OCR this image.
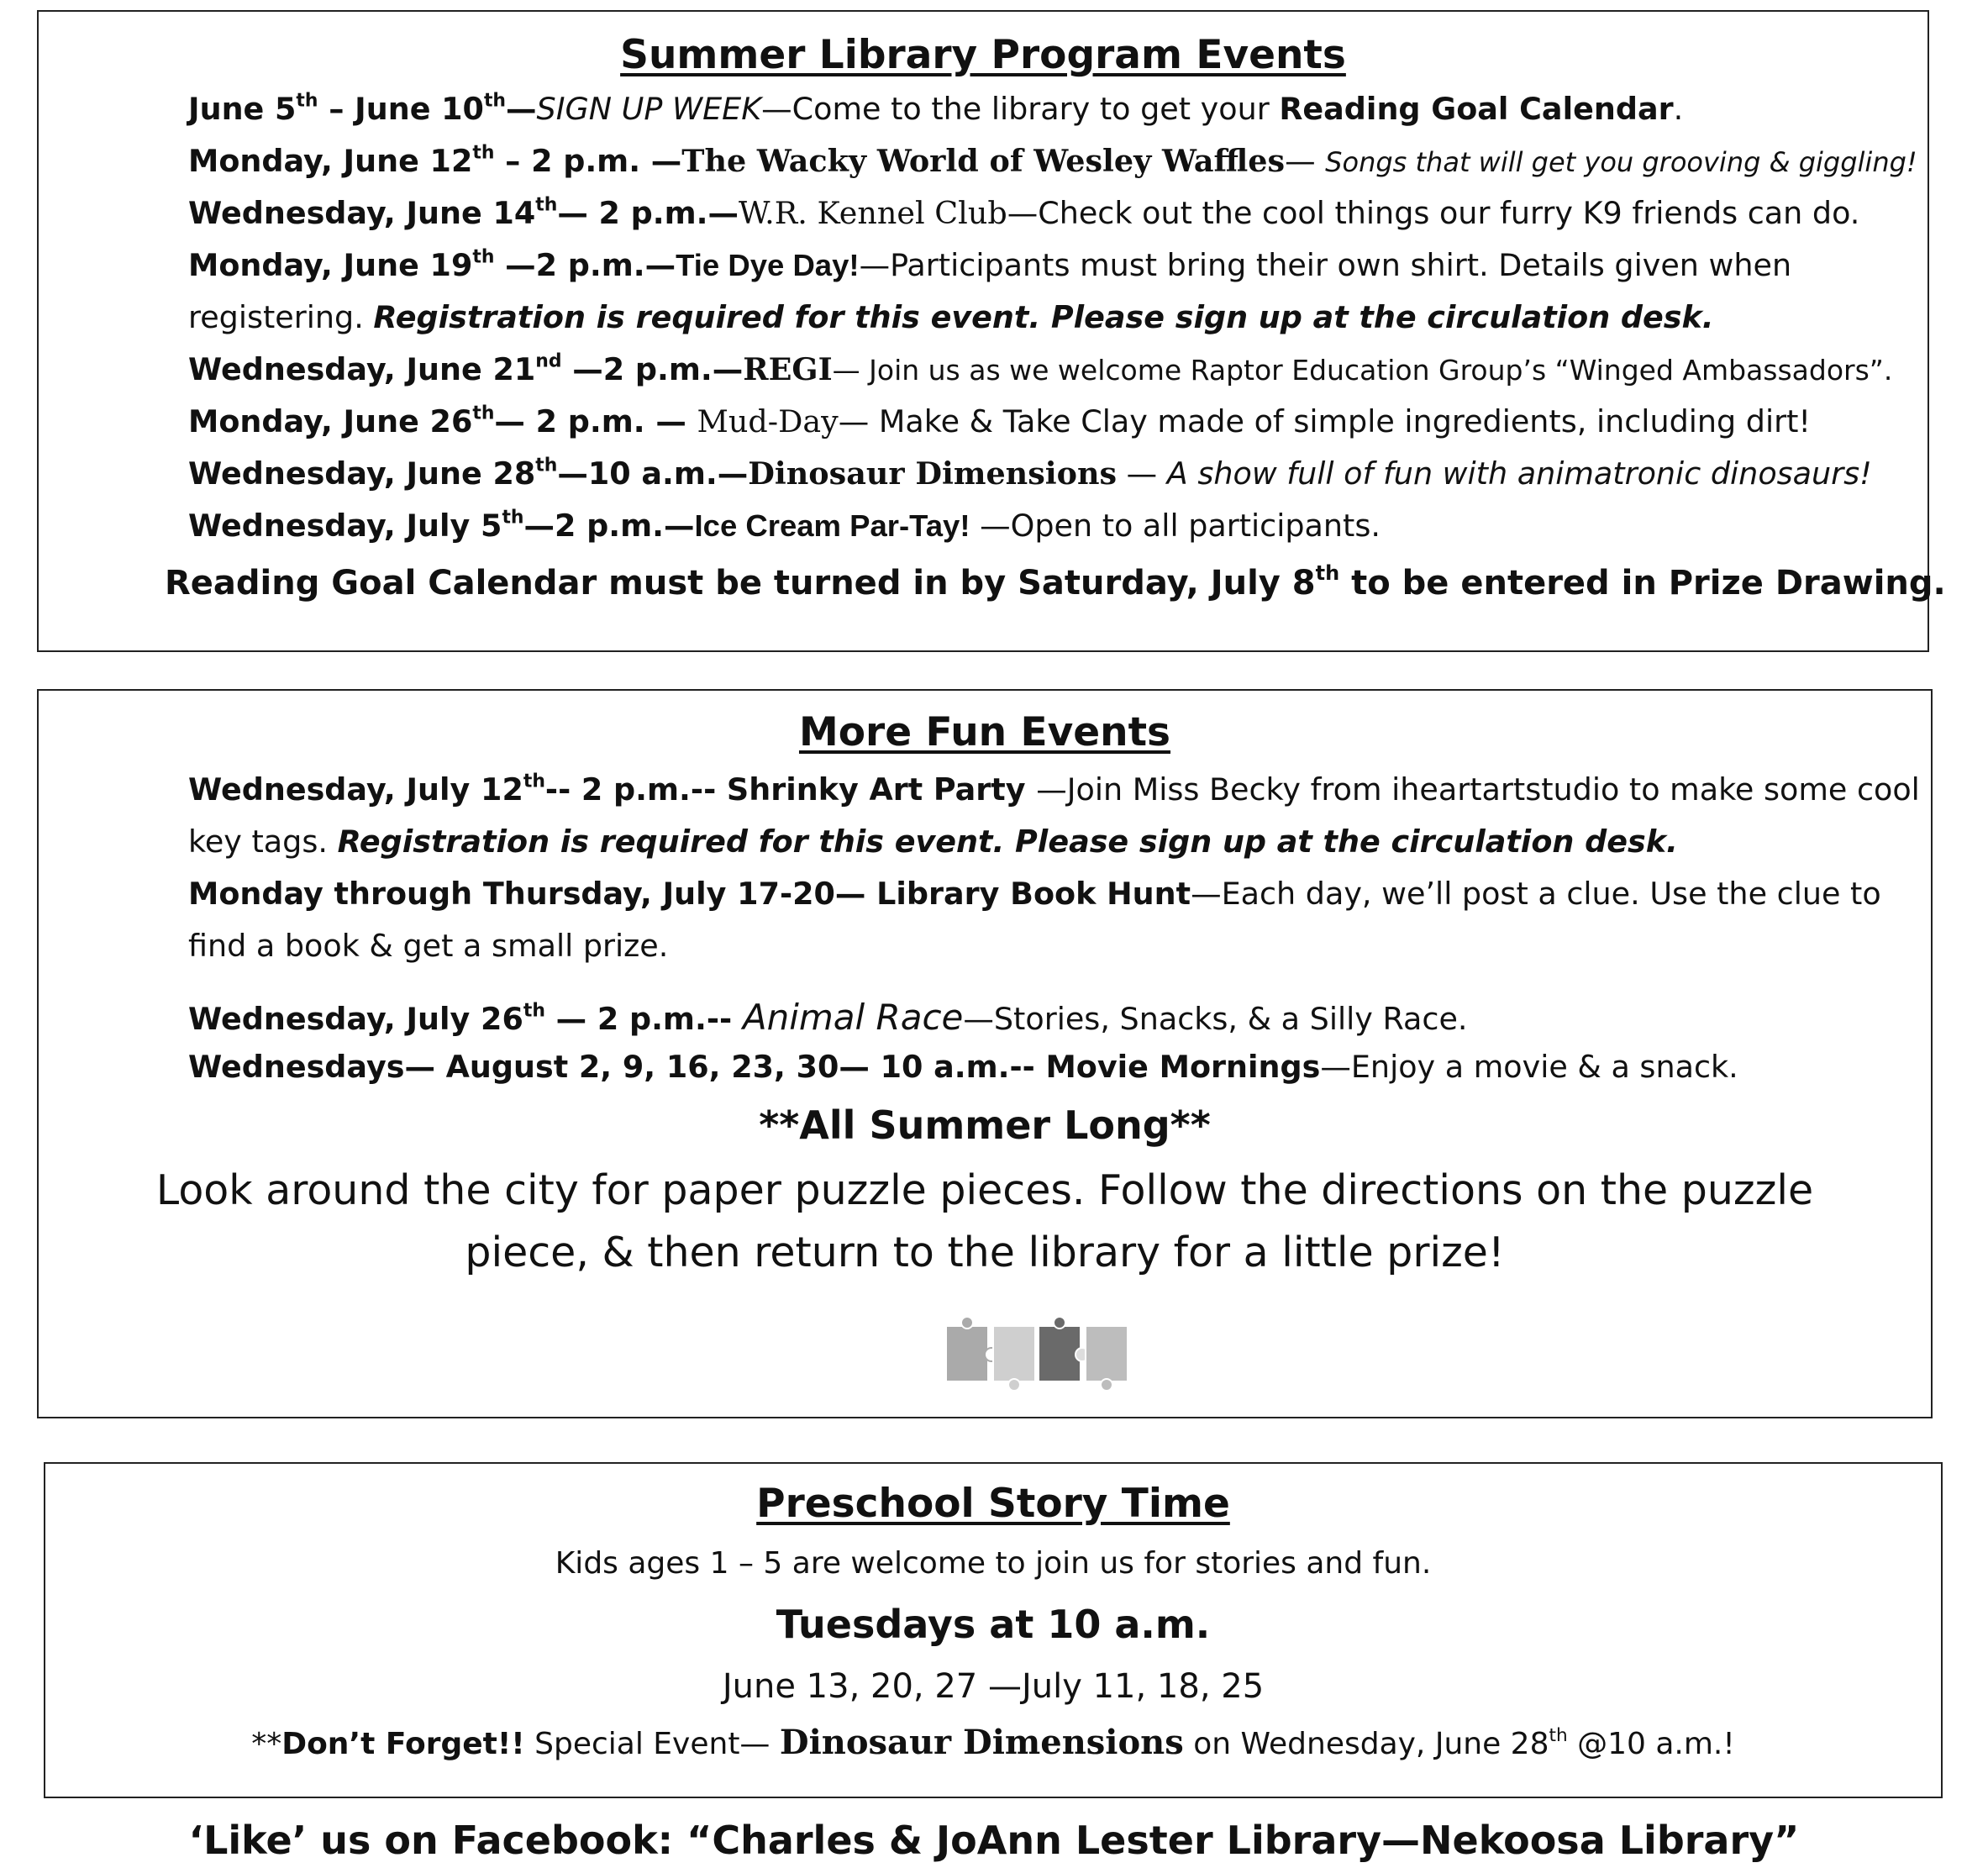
Summer Library Program Events
June 5th – June 10th—SIGN UP WEEK—Come to the library to get your Reading Goal Calendar.
Monday, June 12th – 2 p.m. —The Wacky World of Wesley Waffles— Songs that will get you grooving & giggling!
Wednesday, June 14th— 2 p.m.—W.R. Kennel Club—Check out the cool things our furry K9 friends can do.
Monday, June 19th —2 p.m.—Tie Dye Day!—Participants must bring their own shirt. Details given when
registering. Registration is required for this event. Please sign up at the circulation desk.
Wednesday, June 21nd —2 p.m.—REGI— Join us as we welcome Raptor Education Group’s “Winged Ambassadors”.
Monday, June 26th— 2 p.m. — Mud-Day— Make & Take Clay made of simple ingredients, including dirt!
Wednesday, June 28th—10 a.m.—Dinosaur Dimensions — A show full of fun with animatronic dinosaurs!
Wednesday, July 5th—2 p.m.—Ice Cream Par-Tay! —Open to all participants.
Reading Goal Calendar must be turned in by Saturday, July 8th to be entered in Prize Drawing.
More Fun Events
Wednesday, July 12th-- 2 p.m.-- Shrinky Art Party —Join Miss Becky from iheartartstudio to make some cool
key tags. Registration is required for this event. Please sign up at the circulation desk.
Monday through Thursday, July 17-20— Library Book Hunt—Each day, we’ll post a clue. Use the clue to
find a book & get a small prize.
Wednesday, July 26th — 2 p.m.-- Animal Race—Stories, Snacks, & a Silly Race.
Wednesdays— August 2, 9, 16, 23, 30— 10 a.m.-- Movie Mornings—Enjoy a movie & a snack.
**All Summer Long**
Look around the city for paper puzzle pieces. Follow the directions on the puzzle
piece, & then return to the library for a little prize!
Preschool Story Time
Kids ages 1 – 5 are welcome to join us for stories and fun.
Tuesdays at 10 a.m.
June 13, 20, 27 —July 11, 18, 25
**Don’t Forget!! Special Event— Dinosaur Dimensions on Wednesday, June 28th @10 a.m.!
‘Like’ us on Facebook: “Charles & JoAnn Lester Library—Nekoosa Library”
